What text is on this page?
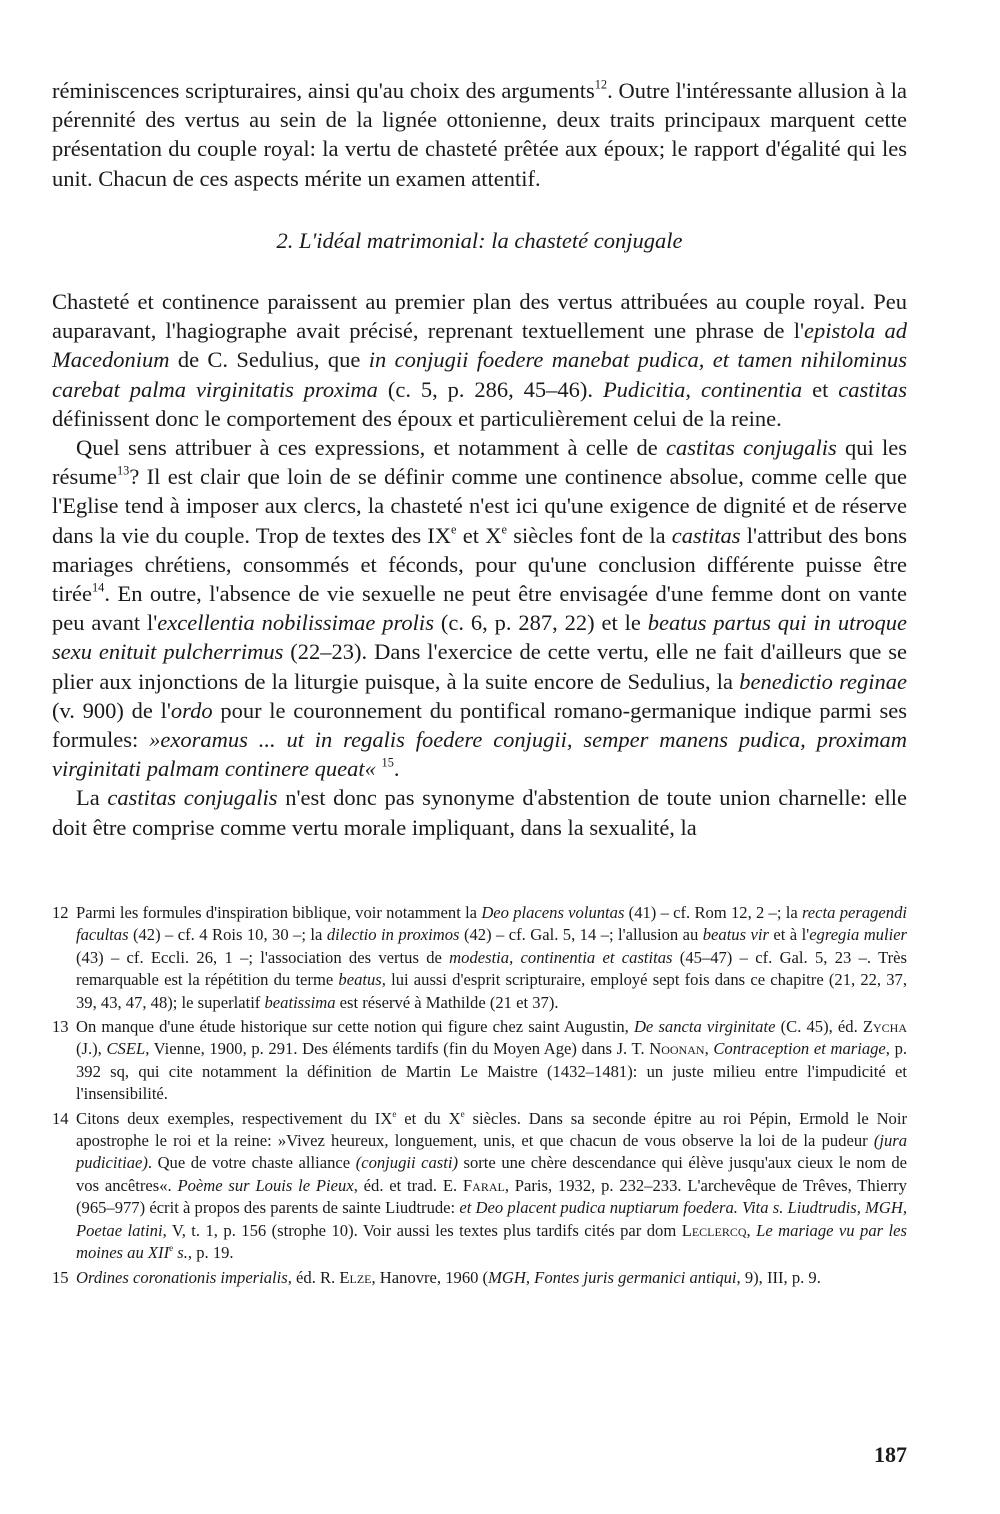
réminiscences scripturaires, ainsi qu'au choix des arguments$^{12}$. Outre l'intéressante allusion à la pérennité des vertus au sein de la lignée ottonienne, deux traits principaux marquent cette présentation du couple royal: la vertu de chasteté prêtée aux époux; le rapport d'égalité qui les unit. Chacun de ces aspects mérite un examen attentif.

2. L'idéal matrimonial: la chasteté conjugale

Chasteté et continence paraissent au premier plan des vertus attribuées au couple royal. Peu auparavant, l'hagiographe avait précisé, reprenant textuellement une phrase de l'epistola ad Macedonium de C. Sedulius, que in conjugii foedere manebat pudica, et tamen nihilominus carebat palma virginitatis proxima (c. 5, p. 286, 45–46). Pudicitia, continentia et castitas définissent donc le comportement des époux et particulièrement celui de la reine.

Quel sens attribuer à ces expressions, et notamment à celle de castitas conjugalis qui les résume$^{13}$? Il est clair que loin de se définir comme une continence absolue, comme celle que l'Eglise tend à imposer aux clercs, la chasteté n'est ici qu'une exigence de dignité et de réserve dans la vie du couple. Trop de textes des IXe et Xe siècles font de la castitas l'attribut des bons mariages chrétiens, consommés et féconds, pour qu'une conclusion différente puisse être tirée$^{14}$. En outre, l'absence de vie sexuelle ne peut être envisagée d'une femme dont on vante peu avant l'excellentia nobilissimae prolis (c. 6, p. 287, 22) et le beatus partus qui in utroque sexu enituit pulcherrimus (22–23). Dans l'exercice de cette vertu, elle ne fait d'ailleurs que se plier aux injonctions de la liturgie puisque, à la suite encore de Sedulius, la benedictio reginae (v. 900) de l'ordo pour le couronnement du pontifical romano-germanique indique parmi ses formules: »exoramus ... ut in regalis foedere conjugii, semper manens pudica, proximam virginitati palmam continere queat« $^{15}$.

La castitas conjugalis n'est donc pas synonyme d'abstention de toute union charnelle: elle doit être comprise comme vertu morale impliquant, dans la sexualité, la

12 Parmi les formules d'inspiration biblique, voir notamment la Deo placens voluntas (41) – cf. Rom 12, 2 –; la recta peragendi facultas (42) – cf. 4 Rois 10, 30 –; la dilectio in proximos (42) – cf. Gal. 5, 14 –; l'allusion au beatus vir et à l'egregia mulier (43) – cf. Eccli. 26, 1 –; l'association des vertus de modestia, continentia et castitas (45–47) – cf. Gal. 5, 23 –. Très remarquable est la répétition du terme beatus, lui aussi d'esprit scripturaire, employé sept fois dans ce chapitre (21, 22, 37, 39, 43, 47, 48); le superlatif beatissima est réservé à Mathilde (21 et 37).
13 On manque d'une étude historique sur cette notion qui figure chez saint Augustin, De sancta virginitate (C. 45), éd. Zycha (J.), CSEL, Vienne, 1900, p. 291. Des éléments tardifs (fin du Moyen Age) dans J. T. Noonan, Contraception et mariage, p. 392 sq, qui cite notamment la définition de Martin Le Maistre (1432–1481): un juste milieu entre l'impudicité et l'insensibilité.
14 Citons deux exemples, respectivement du IXe et du Xe siècles. Dans sa seconde épitre au roi Pépin, Ermold le Noir apostrophe le roi et la reine: »Vivez heureux, longuement, unis, et que chacun de vous observe la loi de la pudeur (jura pudicitiae). Que de votre chaste alliance (conjugii casti) sorte une chère descendance qui élève jusqu'aux cieux le nom de vos ancêtres«. Poème sur Louis le Pieux, éd. et trad. E. Faral, Paris, 1932, p. 232–233. L'archevêque de Trêves, Thierry (965–977) écrit à propos des parents de sainte Liudtrude: et Deo placent pudica nuptiarum foedera. Vita s. Liudtrudis, MGH, Poetae latini, V, t. 1, p. 156 (strophe 10). Voir aussi les textes plus tardifs cités par dom Leclercq, Le mariage vu par les moines au XIIe s., p. 19.
15 Ordines coronationis imperialis, éd. R. Elze, Hanovre, 1960 (MGH, Fontes juris germanici antiqui, 9), III, p. 9.
187
